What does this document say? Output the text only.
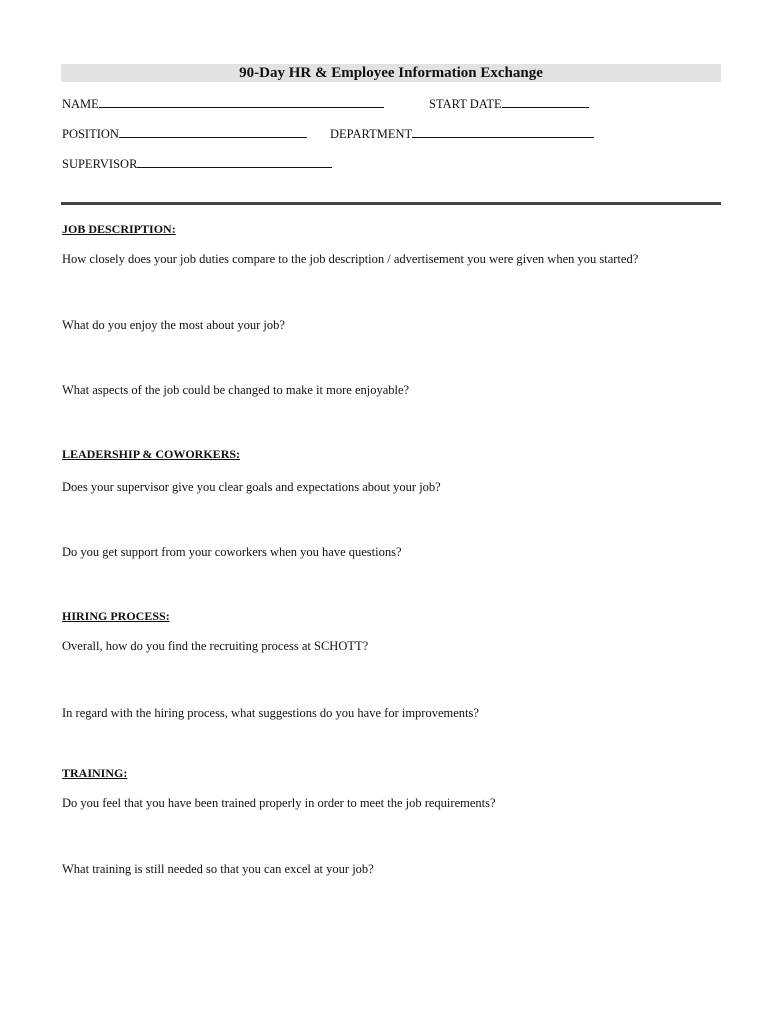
90-Day HR & Employee Information Exchange
NAME	START DATE
POSITION	DEPARTMENT
SUPERVISOR
JOB DESCRIPTION:
How closely does your job duties compare to the job description / advertisement you were given when you started?
What do you enjoy the most about your job?
What aspects of the job could be changed to make it more enjoyable?
LEADERSHIP & COWORKERS:
Does your supervisor give you clear goals and expectations about your job?
Do you get support from your coworkers when you have questions?
HIRING PROCESS:
Overall, how do you find the recruiting process at SCHOTT?
In regard with the hiring process, what suggestions do you have for improvements?
TRAINING:
Do you feel that you have been trained properly in order to meet the job requirements?
What training is still needed so that you can excel at your job?
